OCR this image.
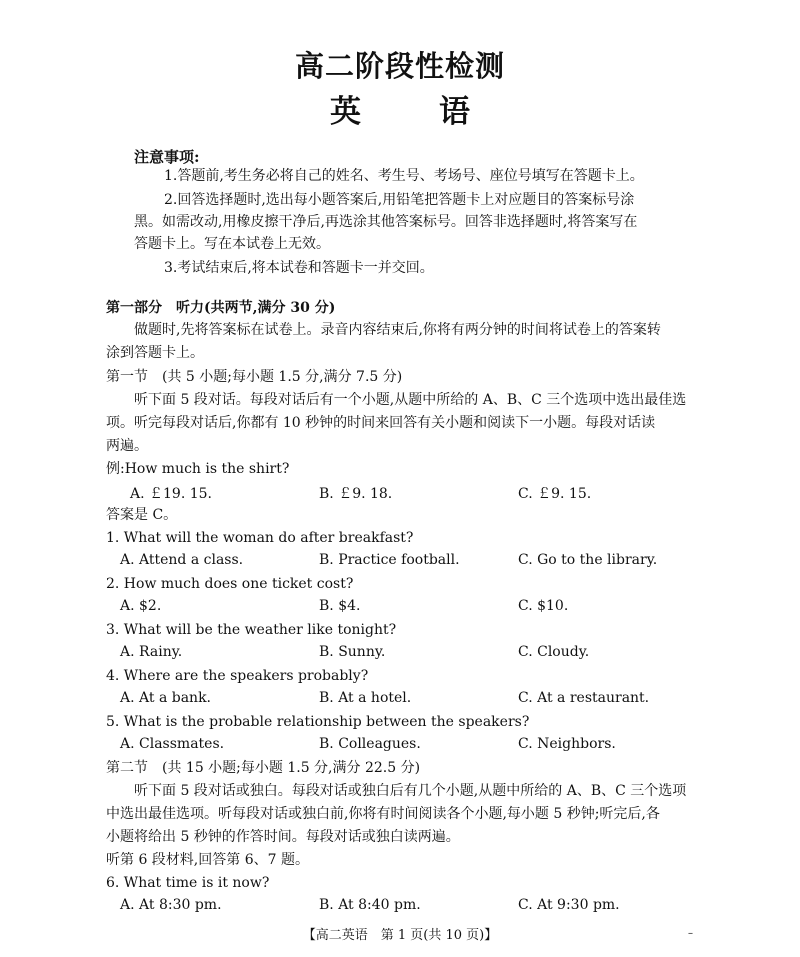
高二阶段性检测
英	语
注意事项:
1.答题前,考生务必将自己的姓名、考生号、考场号、座位号填写在答题卡上。
2.回答选择题时,选出每小题答案后,用铅笔把答题卡上对应题目的答案标号涂
黑。如需改动,用橡皮擦干净后,再选涂其他答案标号。回答非选择题时,将答案写在
答题卡上。写在本试卷上无效。
3.考试结束后,将本试卷和答题卡一并交回。
第一部分　听力(共两节,满分 30 分)
做题时,先将答案标在试卷上。录音内容结束后,你将有两分钟的时间将试卷上的答案转
涂到答题卡上。
第一节　(共 5 小题;每小题 1.5 分,满分 7.5 分)
听下面 5 段对话。每段对话后有一个小题,从题中所给的 A、B、C 三个选项中选出最佳选
项。听完每段对话后,你都有 10 秒钟的时间来回答有关小题和阅读下一小题。每段对话读
两遍。
例:How much is the shirt?
A. ￡19. 15.	B. ￡9. 18.	C. ￡9. 15.
答案是 C。
1. What will the woman do after breakfast?
A. Attend a class.	B. Practice football.	C. Go to the library.
2. How much does one ticket cost?
A. $2.	B. $4.	C. $10.
3. What will be the weather like tonight?
A. Rainy.	B. Sunny.	C. Cloudy.
4. Where are the speakers probably?
A. At a bank.	B. At a hotel.	C. At a restaurant.
5. What is the probable relationship between the speakers?
A. Classmates.	B. Colleagues.	C. Neighbors.
第二节　(共 15 小题;每小题 1.5 分,满分 22.5 分)
听下面 5 段对话或独白。每段对话或独白后有几个小题,从题中所给的 A、B、C 三个选项
中选出最佳选项。听每段对话或独白前,你将有时间阅读各个小题,每小题 5 秒钟;听完后,各
小题将给出 5 秒钟的作答时间。每段对话或独白读两遍。
听第 6 段材料,回答第 6、7 题。
6. What time is it now?
A. At 8:30 pm.	B. At 8:40 pm.	C. At 9:30 pm.
【高二英语　第 1 页(共 10 页)】	–
